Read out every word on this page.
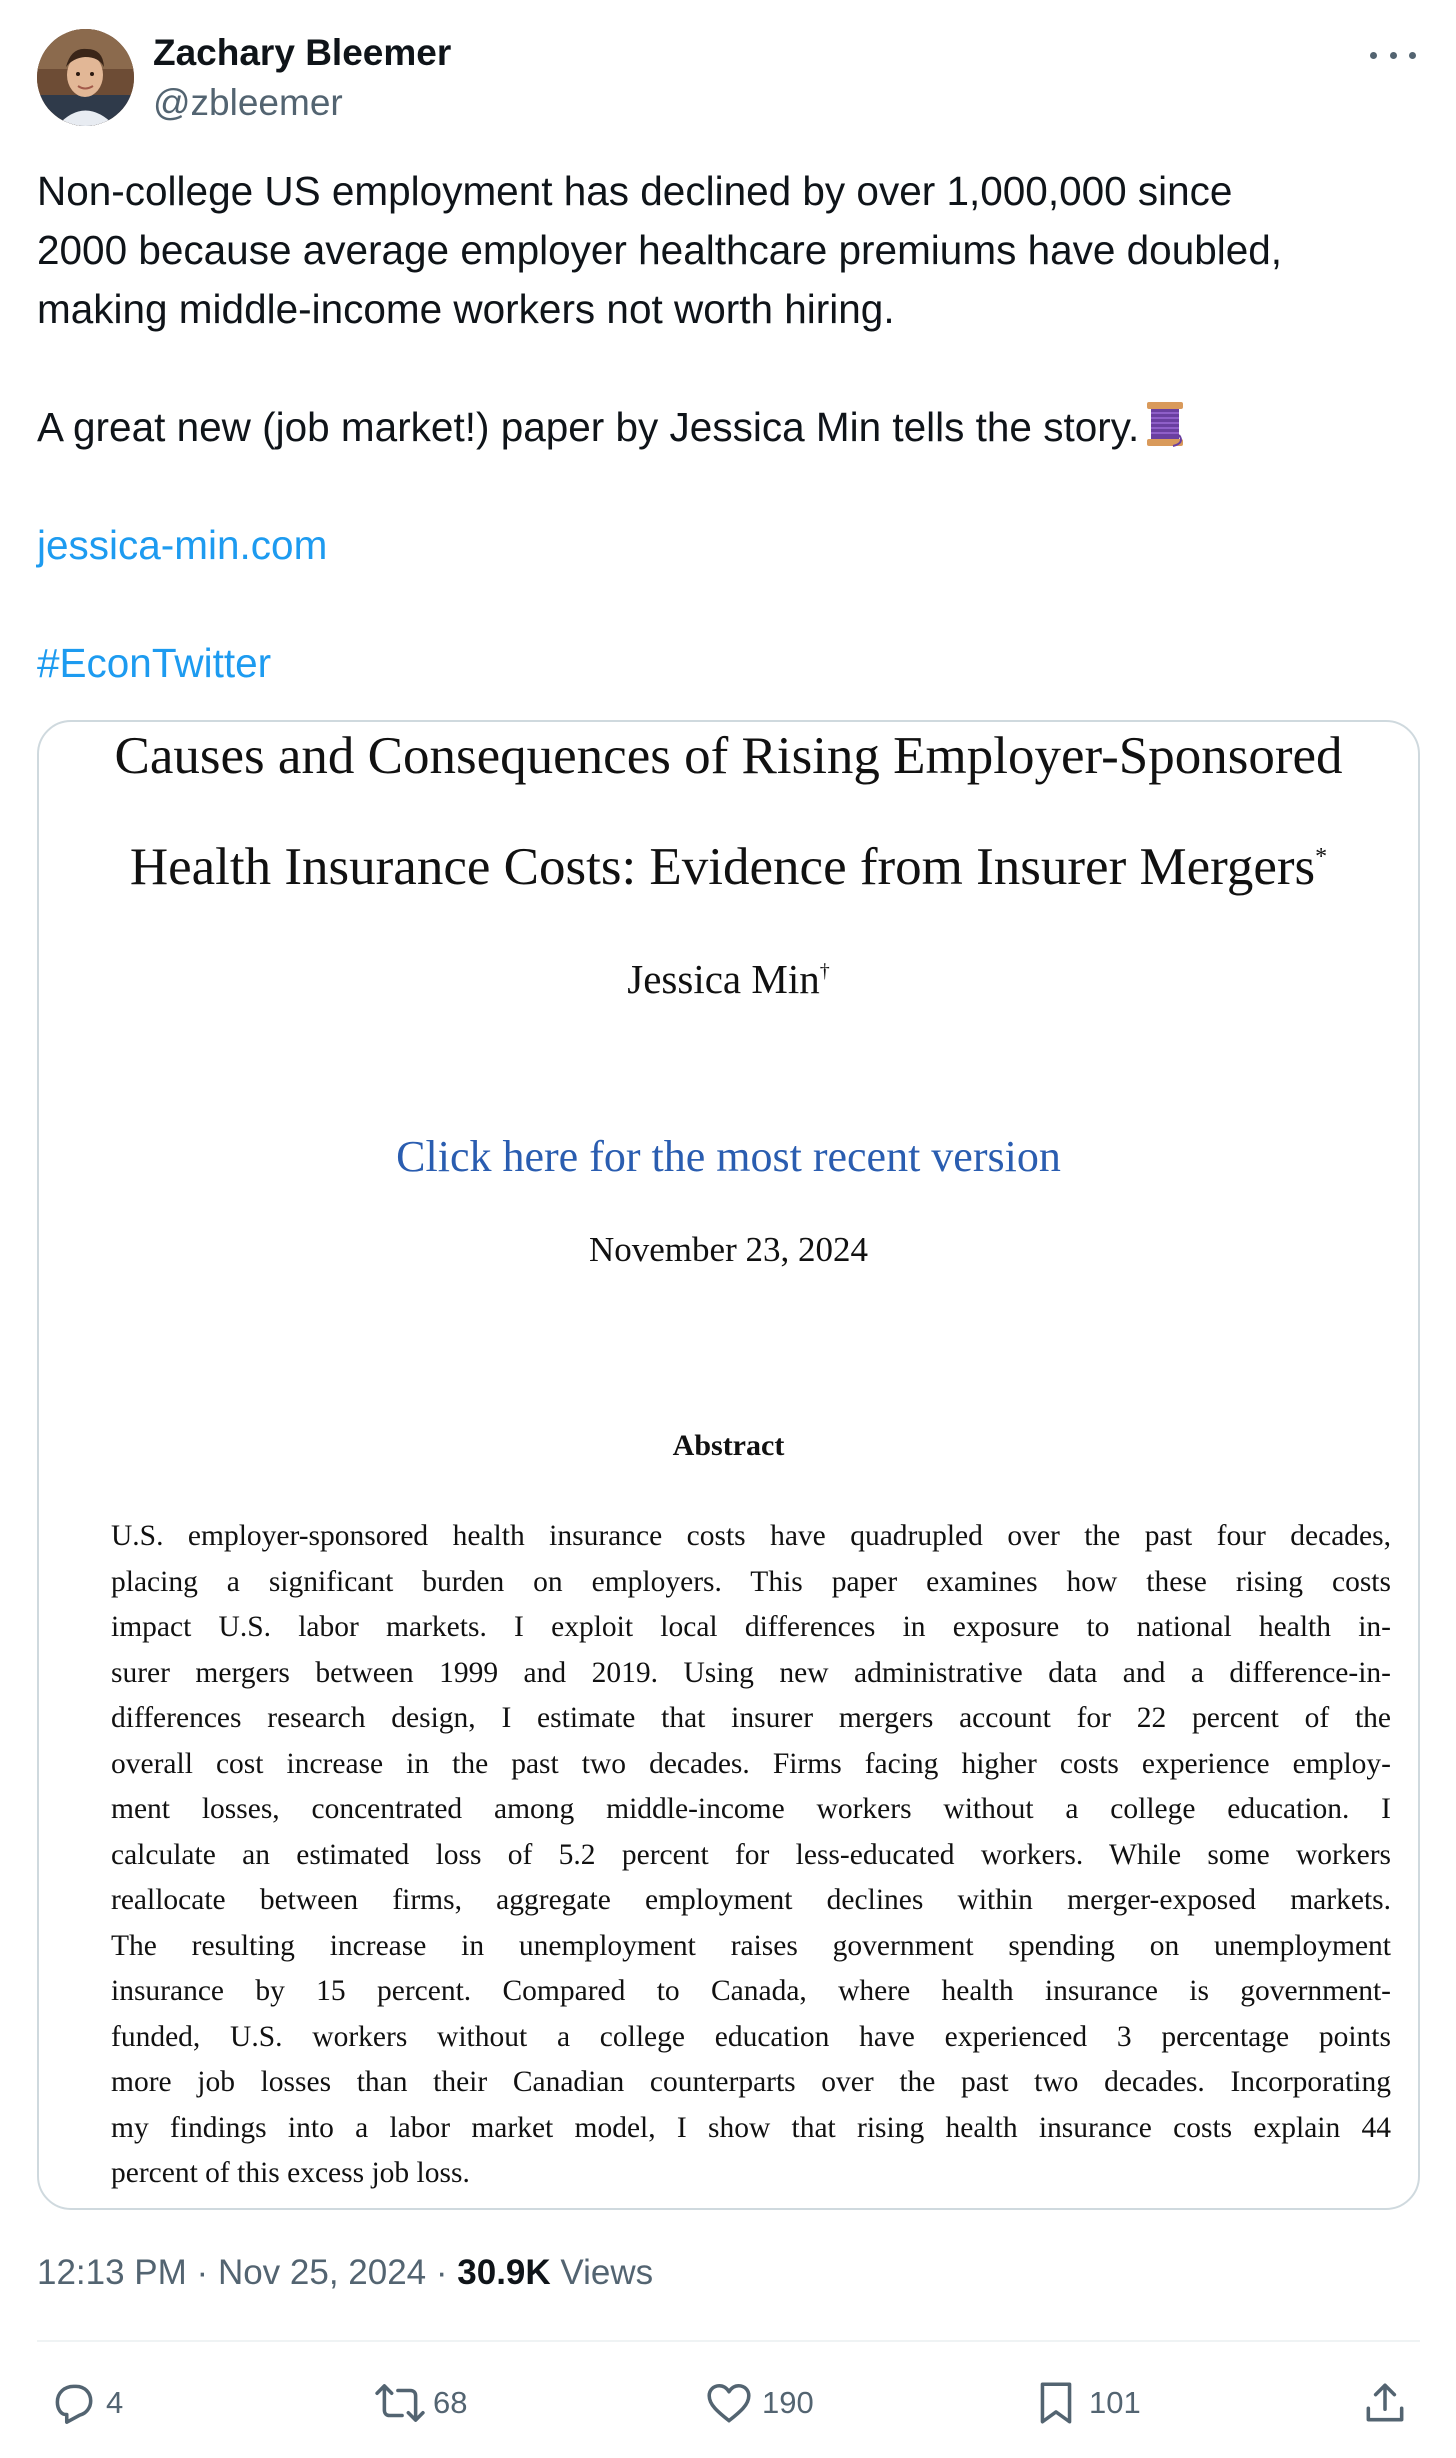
Zachary Bleemer
@zbleemer

Non-college US employment has declined by over 1,000,000 since

2000 because average employer healthcare premiums have doubled,

making middle-income workers not worth hiring.

A great new (job market!) paper by Jessica Min tells the story.

jessica-min.com

#EconTwitter

Causes and Consequences of Rising Employer-Sponsored
Health Insurance Costs: Evidence from Insurer Mergers*
Jessica Min†
Click here for the most recent version
November 23, 2024
Abstract
U.S. employer-sponsored health insurance costs have quadrupled over the past four decades,
placing a significant burden on employers. This paper examines how these rising costs
impact U.S. labor markets. I exploit local differences in exposure to national health in-
surer mergers between 1999 and 2019. Using new administrative data and a difference-in-
differences research design, I estimate that insurer mergers account for 22 percent of the
overall cost increase in the past two decades. Firms facing higher costs experience employ-
ment losses, concentrated among middle-income workers without a college education. I
calculate an estimated loss of 5.2 percent for less-educated workers. While some workers
reallocate between firms, aggregate employment declines within merger-exposed markets.
The resulting increase in unemployment raises government spending on unemployment
insurance by 15 percent. Compared to Canada, where health insurance is government-
funded, U.S. workers without a college education have experienced 3 percentage points
more job losses than their Canadian counterparts over the past two decades. Incorporating
my findings into a labor market model, I show that rising health insurance costs explain 44
percent of this excess job loss.
12:13 PM · Nov 25, 2024 · 30.9K Views
4	68	190	101
